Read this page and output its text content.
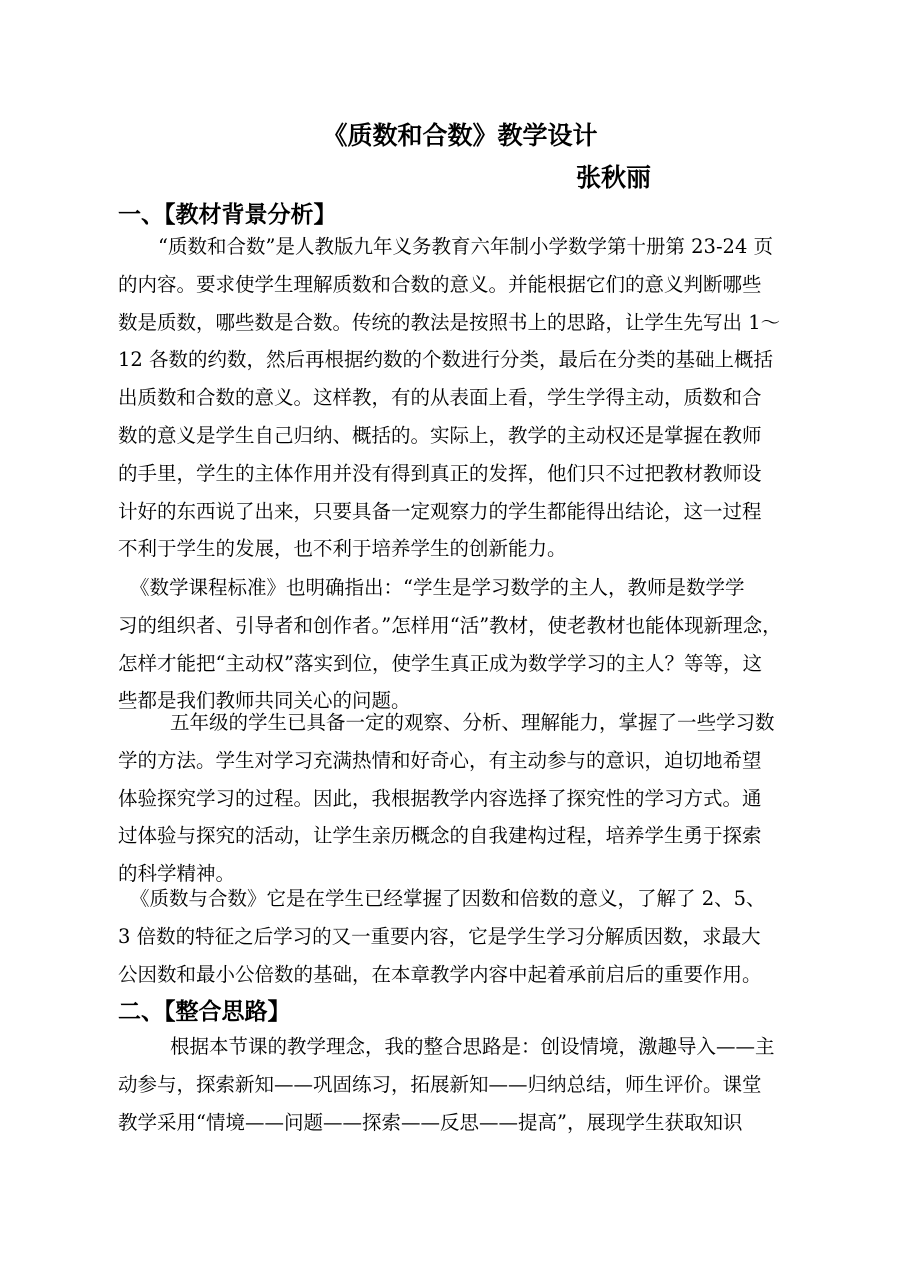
《质数和合数》教学设计
张秋丽
一、【教材背景分析】
“质数和合数”是人教版九年义务教育六年制小学数学第十册第 23-24 页
的内容。要求使学生理解质数和合数的意义。并能根据它们的意义判断哪些
数是质数，哪些数是合数。传统的教法是按照书上的思路，让学生先写出 1～
12 各数的约数，然后再根据约数的个数进行分类，最后在分类的基础上概括
出质数和合数的意义。这样教，有的从表面上看，学生学得主动，质数和合
数的意义是学生自己归纳、概括的。实际上，教学的主动权还是掌握在教师
的手里，学生的主体作用并没有得到真正的发挥，他们只不过把教材教师设
计好的东西说了出来，只要具备一定观察力的学生都能得出结论，这一过程
不利于学生的发展，也不利于培养学生的创新能力。
《数学课程标准》也明确指出：“学生是学习数学的主人，教师是数学学
习的组织者、引导者和创作者。”怎样用“活”教材，使老教材也能体现新理念，
怎样才能把“主动权”落实到位，使学生真正成为数学学习的主人？等等，这
些都是我们教师共同关心的问题。
五年级的学生已具备一定的观察、分析、理解能力，掌握了一些学习数
学的方法。学生对学习充满热情和好奇心，有主动参与的意识，迫切地希望
体验探究学习的过程。因此，我根据教学内容选择了探究性的学习方式。通
过体验与探究的活动，让学生亲历概念的自我建构过程，培养学生勇于探索
的科学精神。
《质数与合数》它是在学生已经掌握了因数和倍数的意义，了解了 2、5、
3 倍数的特征之后学习的又一重要内容，它是学生学习分解质因数，求最大
公因数和最小公倍数的基础，在本章教学内容中起着承前启后的重要作用。
二、【整合思路】
根据本节课的教学理念，我的整合思路是：创设情境，激趣导入——主
动参与，探索新知——巩固练习，拓展新知——归纳总结，师生评价。课堂
教学采用“情境——问题——探索——反思——提高”，展现学生获取知识
